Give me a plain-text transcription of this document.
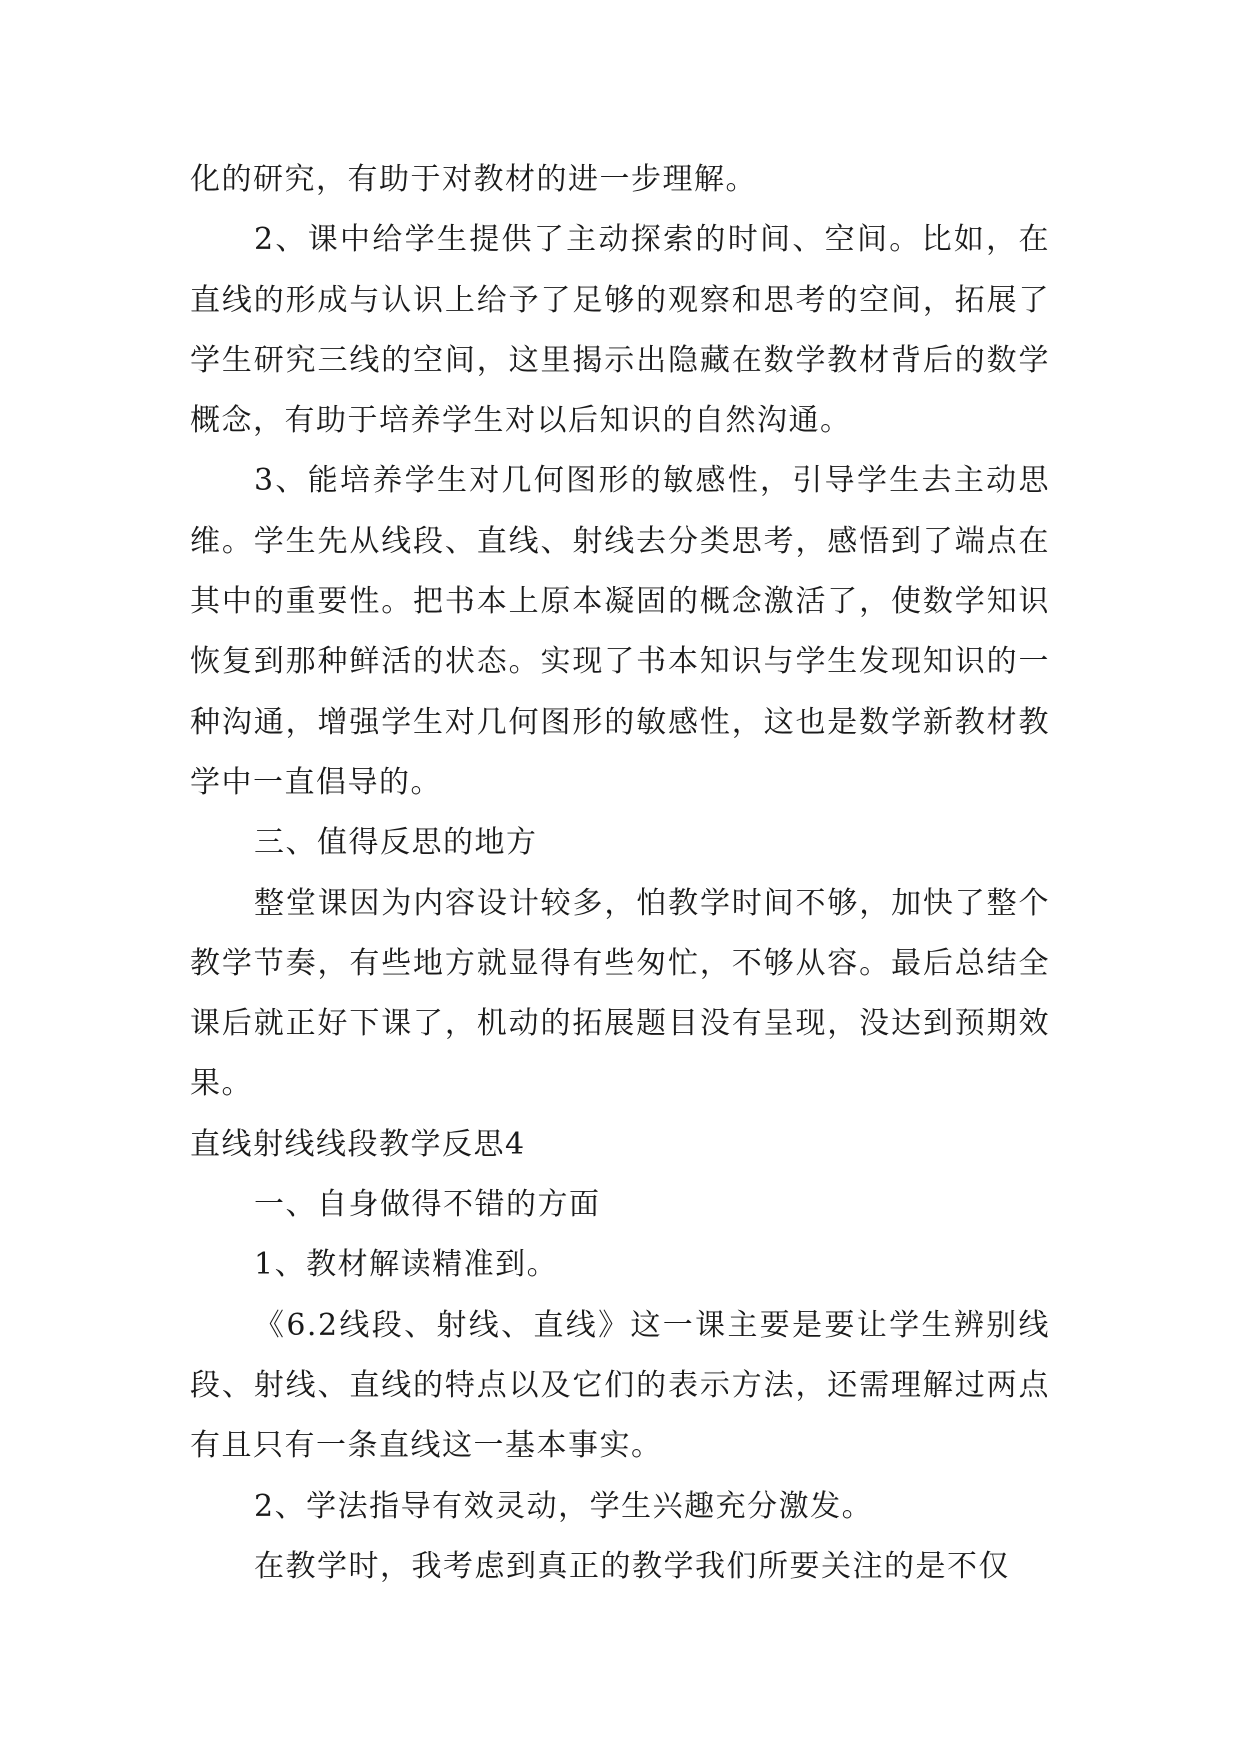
化的研究，有助于对教材的进一步理解。

2、课中给学生提供了主动探索的时间、空间。比如，在直线的形成与认识上给予了足够的观察和思考的空间，拓展了学生研究三线的空间，这里揭示出隐藏在数学教材背后的数学概念，有助于培养学生对以后知识的自然沟通。

3、能培养学生对几何图形的敏感性，引导学生去主动思维。学生先从线段、直线、射线去分类思考，感悟到了端点在其中的重要性。把书本上原本凝固的概念激活了，使数学知识恢复到那种鲜活的状态。实现了书本知识与学生发现知识的一种沟通，增强学生对几何图形的敏感性，这也是数学新教材教学中一直倡导的。

三、值得反思的地方

整堂课因为内容设计较多，怕教学时间不够，加快了整个教学节奏，有些地方就显得有些匆忙，不够从容。最后总结全课后就正好下课了，机动的拓展题目没有呈现，没达到预期效果。

直线射线线段教学反思4

一、自身做得不错的方面

1、教材解读精准到。

《6.2线段、射线、直线》这一课主要是要让学生辨别线段、射线、直线的特点以及它们的表示方法，还需理解过两点有且只有一条直线这一基本事实。

2、学法指导有效灵动，学生兴趣充分激发。

在教学时，我考虑到真正的教学我们所要关注的是不仅
